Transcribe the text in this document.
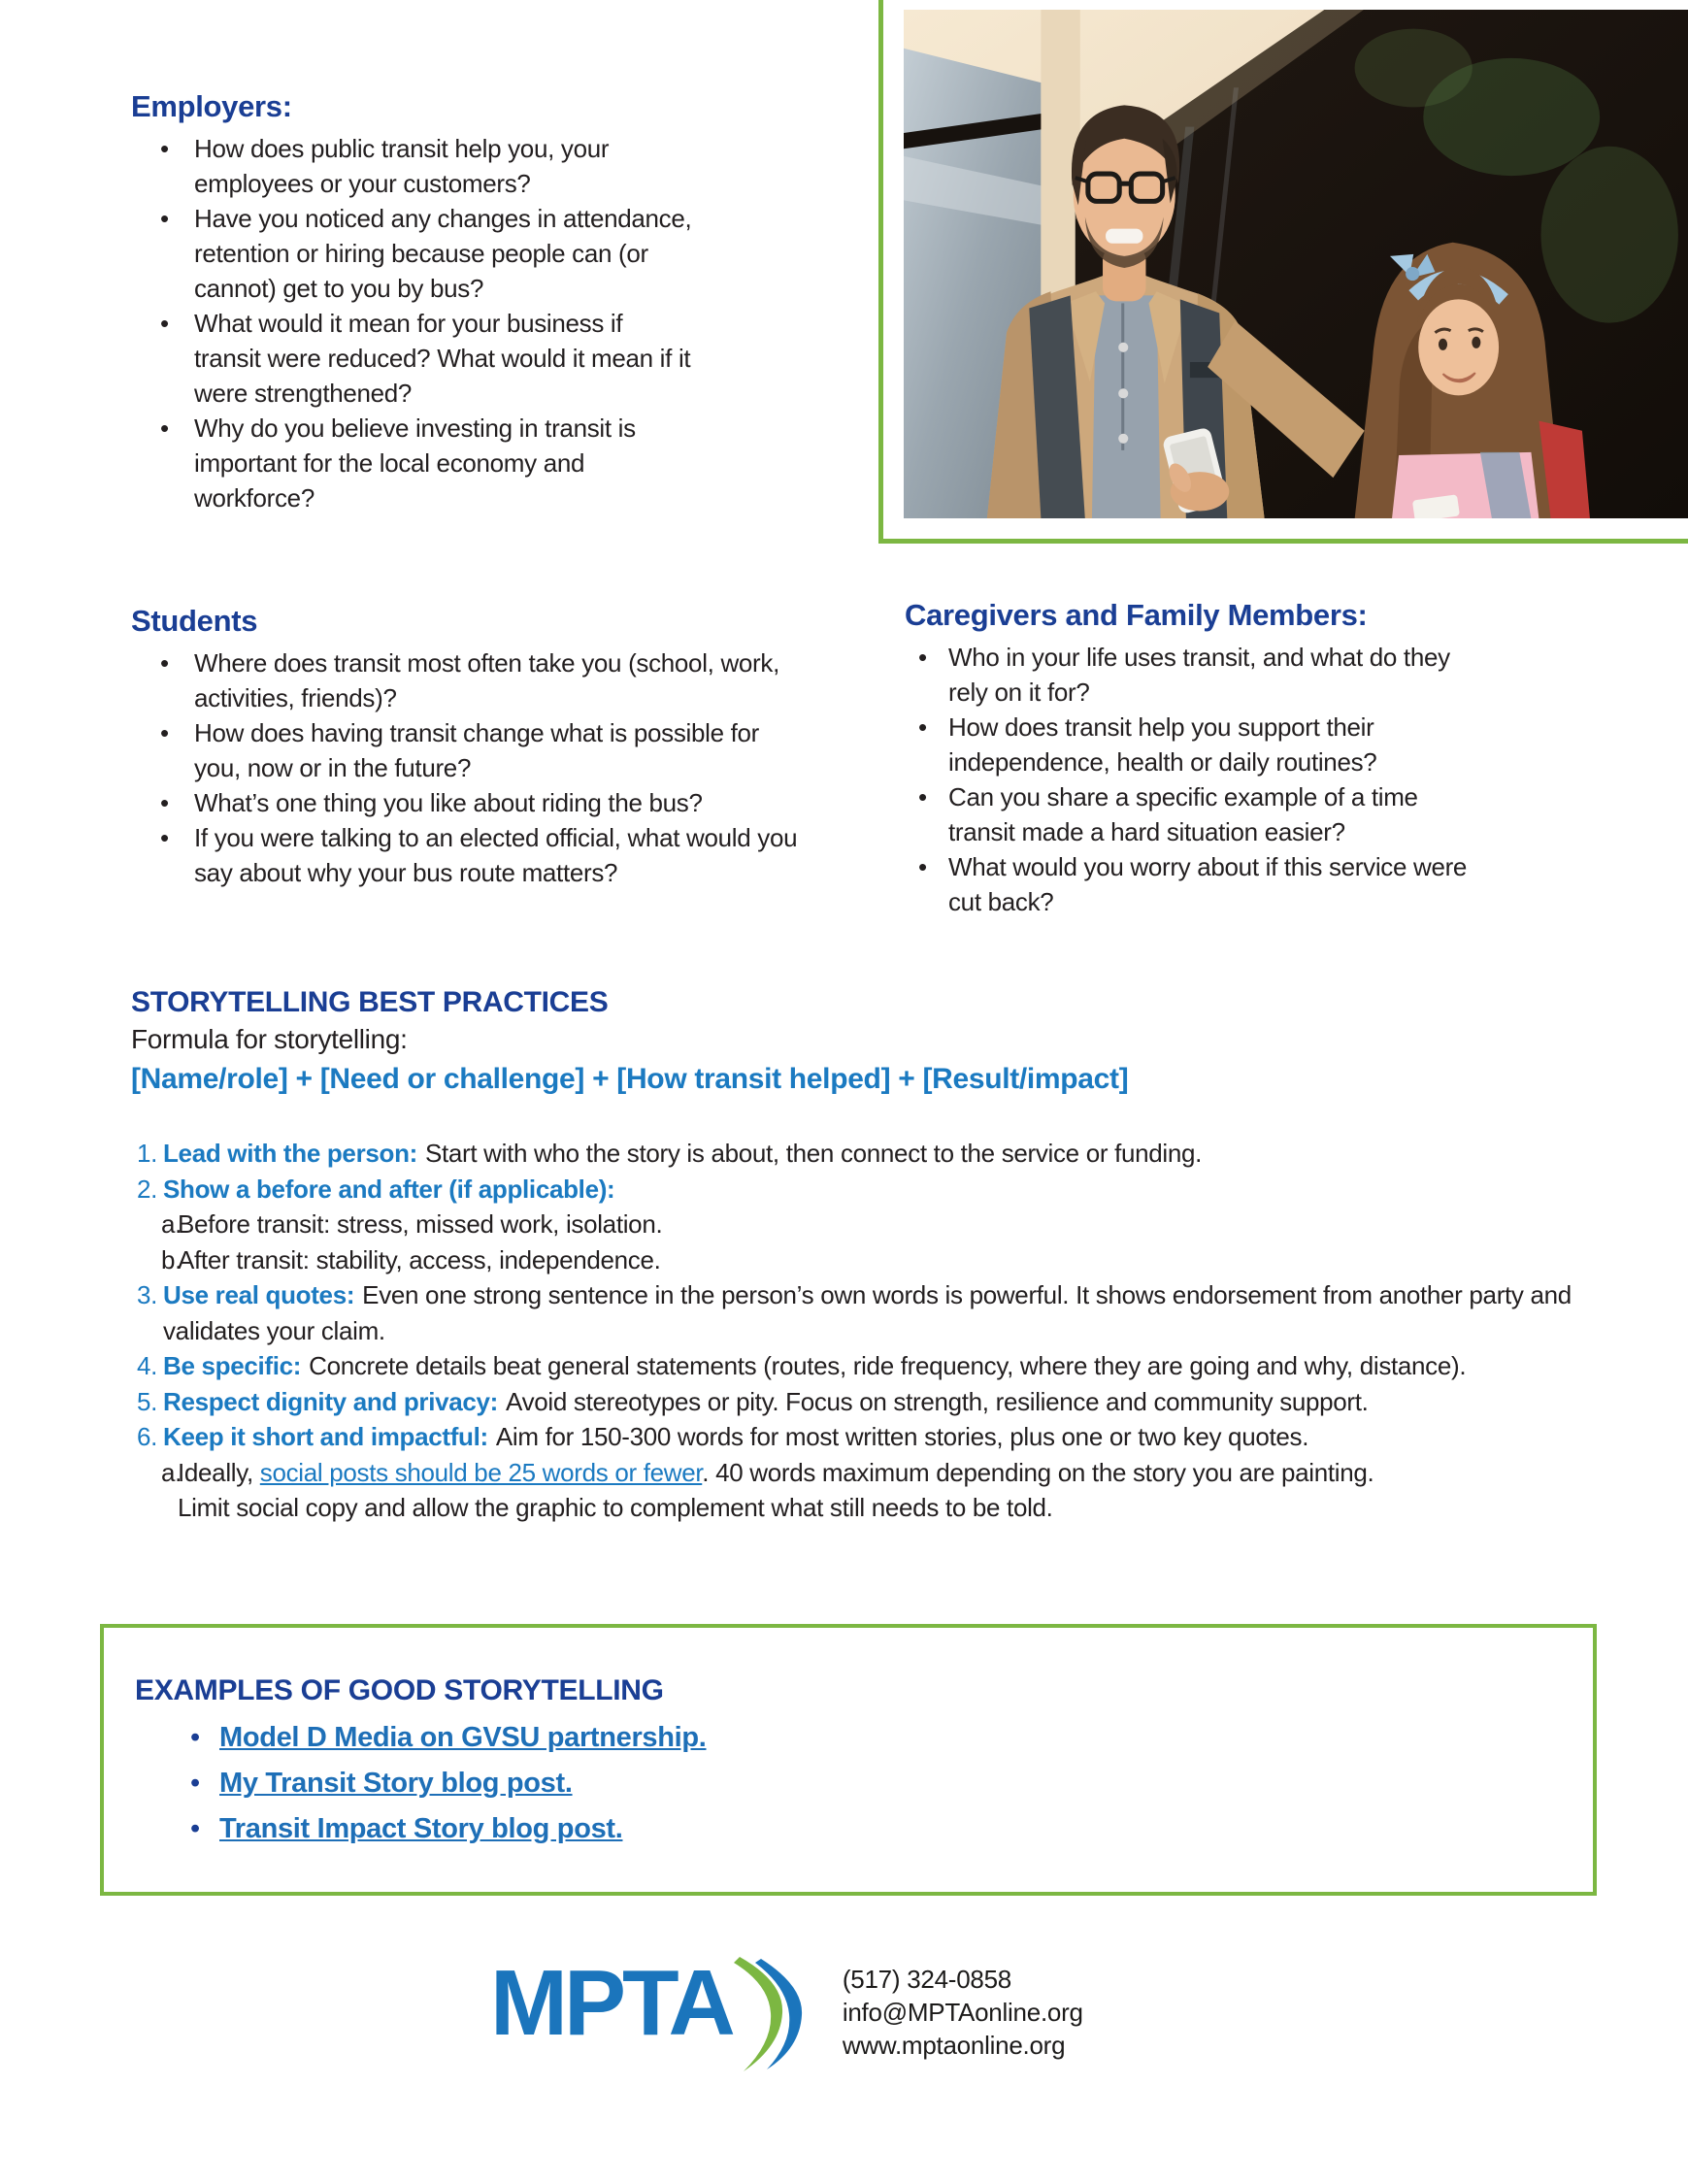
Employers:
• How does public transit help you, your employees or your customers?
• Have you noticed any changes in attendance, retention or hiring because people can (or cannot) get to you by bus?
• What would it mean for your business if transit were reduced? What would it mean if it were strengthened?
• Why do you believe investing in transit is important for the local economy and workforce?
Students
• Where does transit most often take you (school, work, activities, friends)?
• How does having transit change what is possible for you, now or in the future?
• What’s one thing you like about riding the bus?
• If you were talking to an elected official, what would you say about why your bus route matters?
Caregivers and Family Members:
• Who in your life uses transit, and what do they rely on it for?
• How does transit help you support their independence, health or daily routines?
• Can you share a specific example of a time transit made a hard situation easier?
• What would you worry about if this service were cut back?
STORYTELLING BEST PRACTICES
Formula for storytelling:
[Name/role] + [Need or challenge] + [How transit helped] + [Result/impact]
1. Lead with the person: Start with who the story is about, then connect to the service or funding.
2. Show a before and after (if applicable):
a.
Before transit: stress, missed work, isolation.
b.
After transit: stability, access, independence.
3. Use real quotes: Even one strong sentence in the person’s own words is powerful. It shows endorsement from another party and validates your claim.
4. Be specific: Concrete details beat general statements (routes, ride frequency, where they are going and why, distance).
5. Respect dignity and privacy: Avoid stereotypes or pity. Focus on strength, resilience and community support.
6. Keep it short and impactful: Aim for 150-300 words for most written stories, plus one or two key quotes.
a.
Ideally, social posts should be 25 words or fewer. 40 words maximum depending on the story you are painting.
Limit social copy and allow the graphic to complement what still needs to be told.
EXAMPLES OF GOOD STORYTELLING
• Model D Media on GVSU partnership.
• My Transit Story blog post.
• Transit Impact Story blog post.
MPTA	(517) 324-0858
info@MPTAonline.org
www.mptaonline.org
